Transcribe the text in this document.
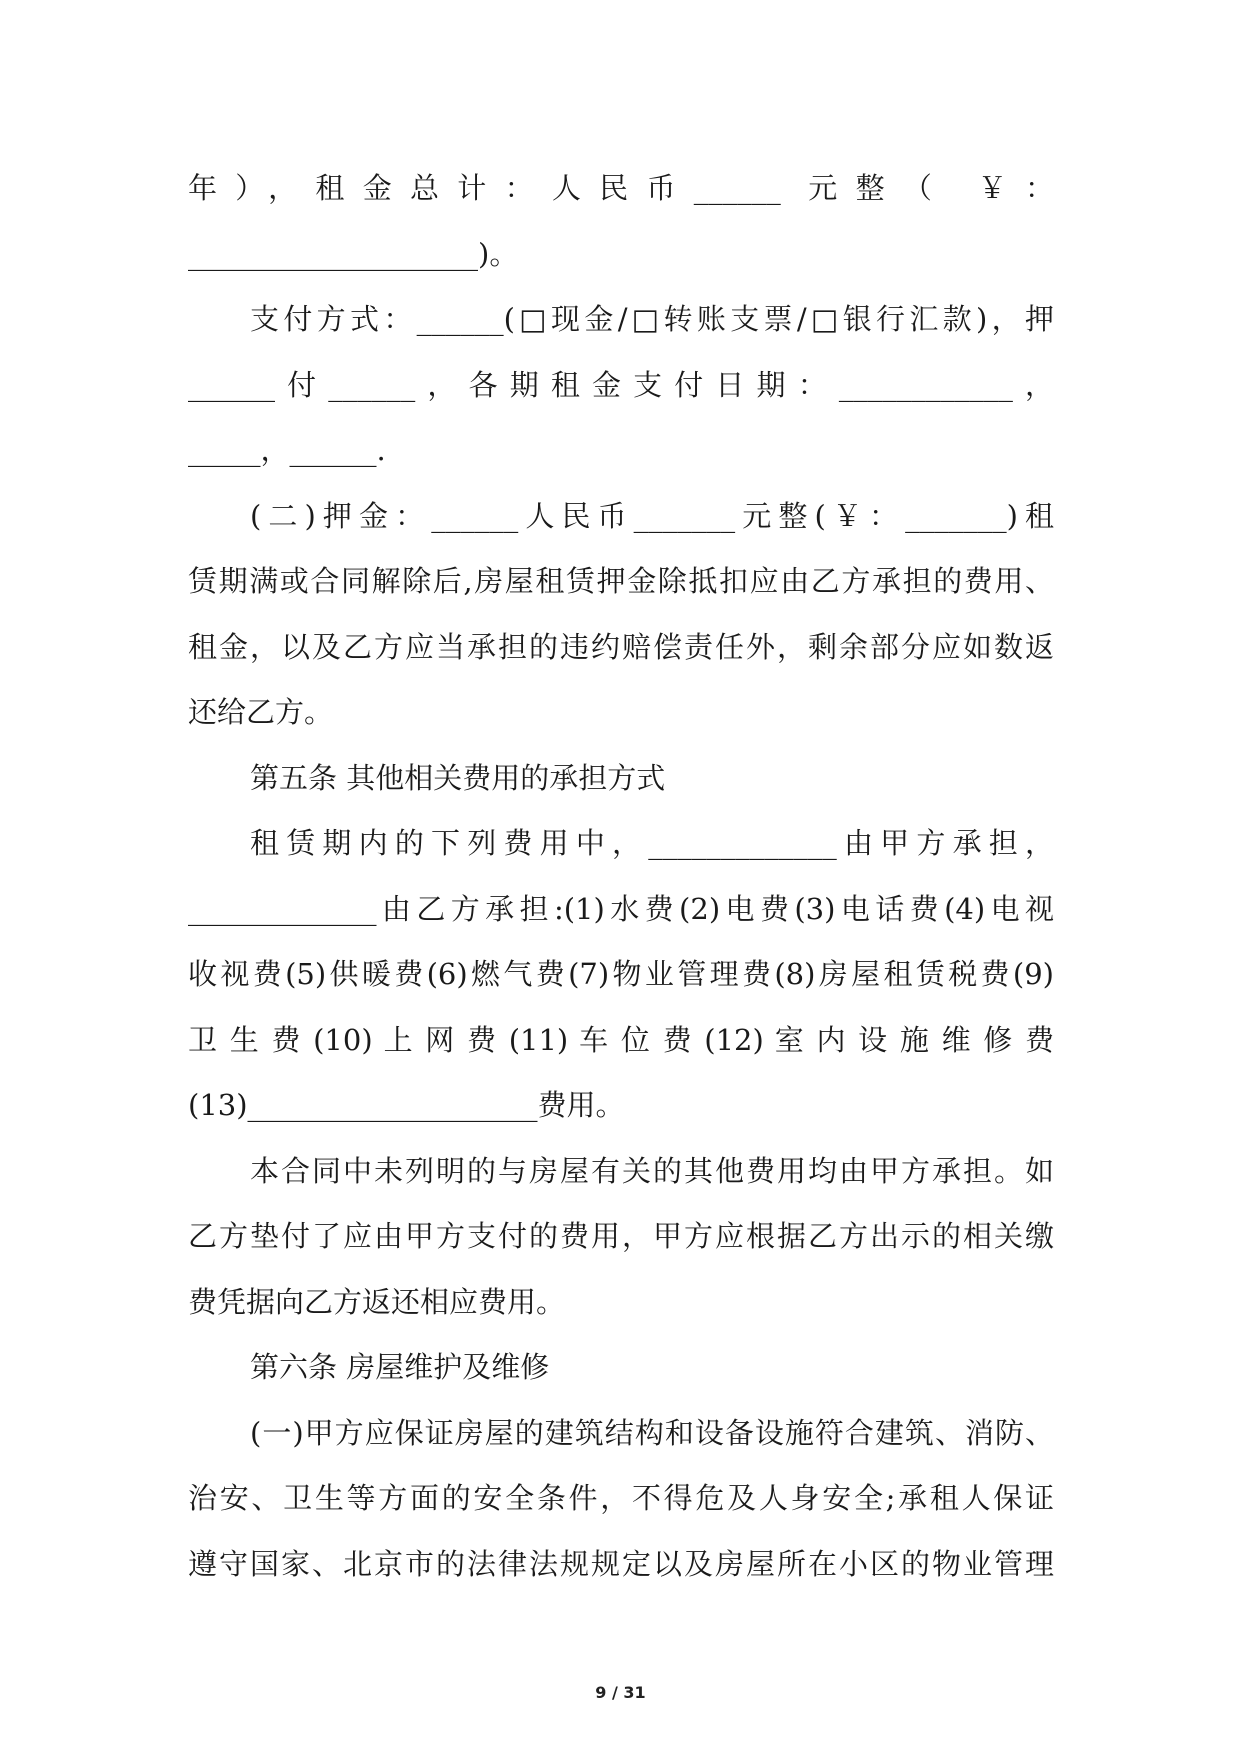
年），租金总计：人民币______ 元整（ ￥：
____________________)。
支付方式：______(□现金/□转账支票/□银行汇款)，押
______付______，各期租金支付日期：____________，
_____，______.
(二)押金：______人民币_______元整(￥：_______)租
赁期满或合同解除后,房屋租赁押金除抵扣应由乙方承担的费用、
租金，以及乙方应当承担的违约赔偿责任外，剩余部分应如数返
还给乙方。
第五条 其他相关费用的承担方式
租赁期内的下列费用中，_____________由甲方承担，
_____________由乙方承担:(1)水费(2)电费(3)电话费(4)电视
收视费(5)供暖费(6)燃气费(7)物业管理费(8)房屋租赁税费(9)
卫 生 费 (10) 上 网 费 (11) 车 位 费 (12) 室 内 设 施 维 修 费
(13)____________________费用。
本合同中未列明的与房屋有关的其他费用均由甲方承担。如
乙方垫付了应由甲方支付的费用，甲方应根据乙方出示的相关缴
费凭据向乙方返还相应费用。
第六条 房屋维护及维修
(一)甲方应保证房屋的建筑结构和设备设施符合建筑、消防、
治安、卫生等方面的安全条件，不得危及人身安全;承租人保证
遵守国家、北京市的法律法规规定以及房屋所在小区的物业管理
9 / 31
